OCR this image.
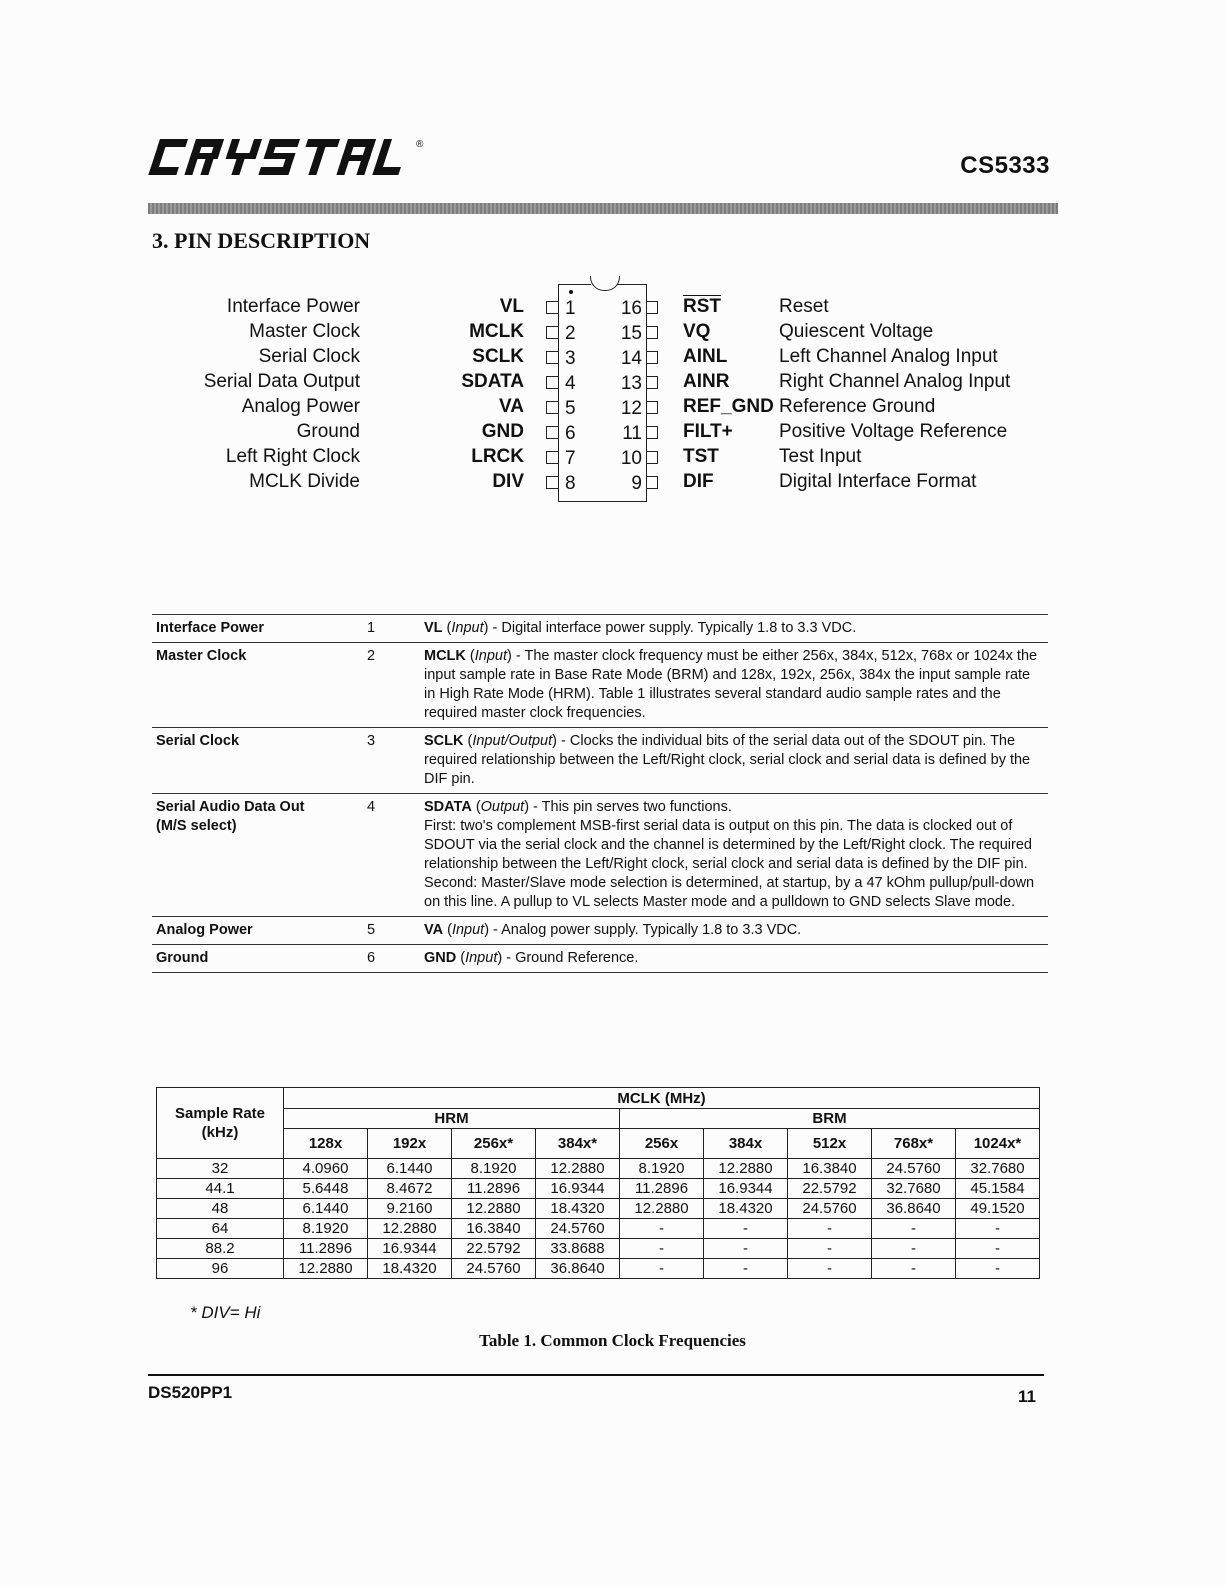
®
CS5333
3. PIN DESCRIPTION
Interface Power	VL 1
Master Clock	MCLK 2
Serial Clock	SCLK 3
Serial Data Output	SDATA 4
Analog Power	VA 5
Ground	GND 6
Left Right Clock	LRCK 7
MCLK Divide	DIV 8
16 $\overline{RST}$	Reset
15 VQ	Quiescent Voltage
14 AINL	Left Channel Analog Input
13 AINR	Right Channel Analog Input
12 REF_GND Reference Ground
11 FILT+ Positive Voltage Reference
10 TST	Test Input
9 DIF	Digital Interface Format
Interface Power	1	VL (Input) - Digital interface power supply. Typically 1.8 to 3.3 VDC.
Master Clock	2	MCLK (Input) - The master clock frequency must be either 256x, 384x, 512x, 768x or 1024x the input sample rate in Base Rate Mode (BRM) and 128x, 192x, 256x, 384x the input sample rate in High Rate Mode (HRM). Table 1 illustrates several standard audio sample rates and the required master clock frequencies.
Serial Clock	3	SCLK (Input/Output) - Clocks the individual bits of the serial data out of the SDOUT pin. The required relationship between the Left/Right clock, serial clock and serial data is defined by the DIF pin.
Serial Audio Data Out (M/S select)	4	SDATA (Output) - This pin serves two functions.
First: two's complement MSB-first serial data is output on this pin. The data is clocked out of SDOUT via the serial clock and the channel is determined by the Left/Right clock. The required relationship between the Left/Right clock, serial clock and serial data is defined by the DIF pin.
Second: Master/Slave mode selection is determined, at startup, by a 47 kOhm pullup/pull-down on this line. A pullup to VL selects Master mode and a pulldown to GND selects Slave mode.

Analog Power	5	VA (Input) - Analog power supply. Typically 1.8 to 3.3 VDC.
Ground	6	GND (Input) - Ground Reference.
Sample Rate (kHz)	MCLK (MHz)								
	HRM				BRM				
	128x	192x	256x*	384x*	256x	384x	512x	768x*	1024x*
32	4.0960	6.1440	8.1920	12.2880	8.1920	12.2880	16.3840	24.5760	32.7680
44.1	5.6448	8.4672	11.2896	16.9344	11.2896	16.9344	22.5792	32.7680	45.1584
48	6.1440	9.2160	12.2880	18.4320	12.2880	18.4320	24.5760	36.8640	49.1520
64	8.1920	12.2880	16.3840	24.5760	-	-	-	-	-
88.2	11.2896	16.9344	22.5792	33.8688	-	-	-	-	-
96	12.2880	18.4320	24.5760	36.8640	-	-	-	-	-
* DIV= Hi
Table 1. Common Clock Frequencies
DS520PP1	11
